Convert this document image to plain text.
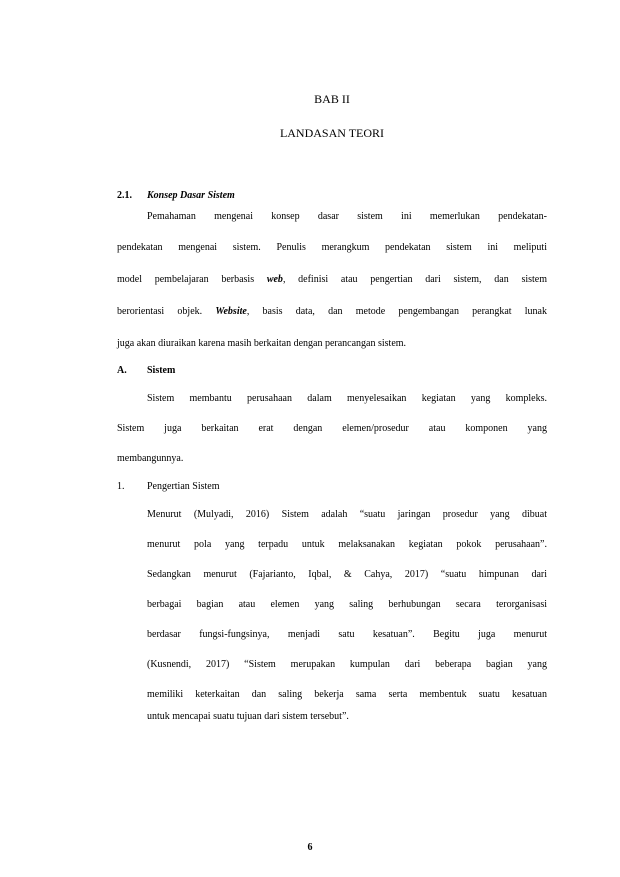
BAB II
LANDASAN TEORI
2.1. Konsep Dasar Sistem
Pemahaman mengenai konsep dasar sistem ini memerlukan pendekatan-
pendekatan mengenai sistem. Penulis merangkum pendekatan sistem ini meliputi
model pembelajaran berbasis web, definisi atau pengertian dari sistem, dan sistem
berorientasi objek. Website, basis data, dan metode pengembangan perangkat lunak
juga akan diuraikan karena masih berkaitan dengan perancangan sistem.
A. Sistem
Sistem membantu perusahaan dalam menyelesaikan kegiatan yang kompleks.
Sistem juga berkaitan erat dengan elemen/prosedur atau komponen yang
membangunnya.
1. Pengertian Sistem
Menurut (Mulyadi, 2016) Sistem adalah “suatu jaringan prosedur yang dibuat
menurut pola yang terpadu untuk melaksanakan kegiatan pokok perusahaan”.
Sedangkan menurut (Fajarianto, Iqbal, & Cahya, 2017) “suatu himpunan dari
berbagai bagian atau elemen yang saling berhubungan secara terorganisasi
berdasar fungsi-fungsinya, menjadi satu kesatuan”. Begitu juga menurut
(Kusnendi, 2017) “Sistem merupakan kumpulan dari beberapa bagian yang
memiliki keterkaitan dan saling bekerja sama serta membentuk suatu kesatuan
untuk mencapai suatu tujuan dari sistem tersebut”.
6
